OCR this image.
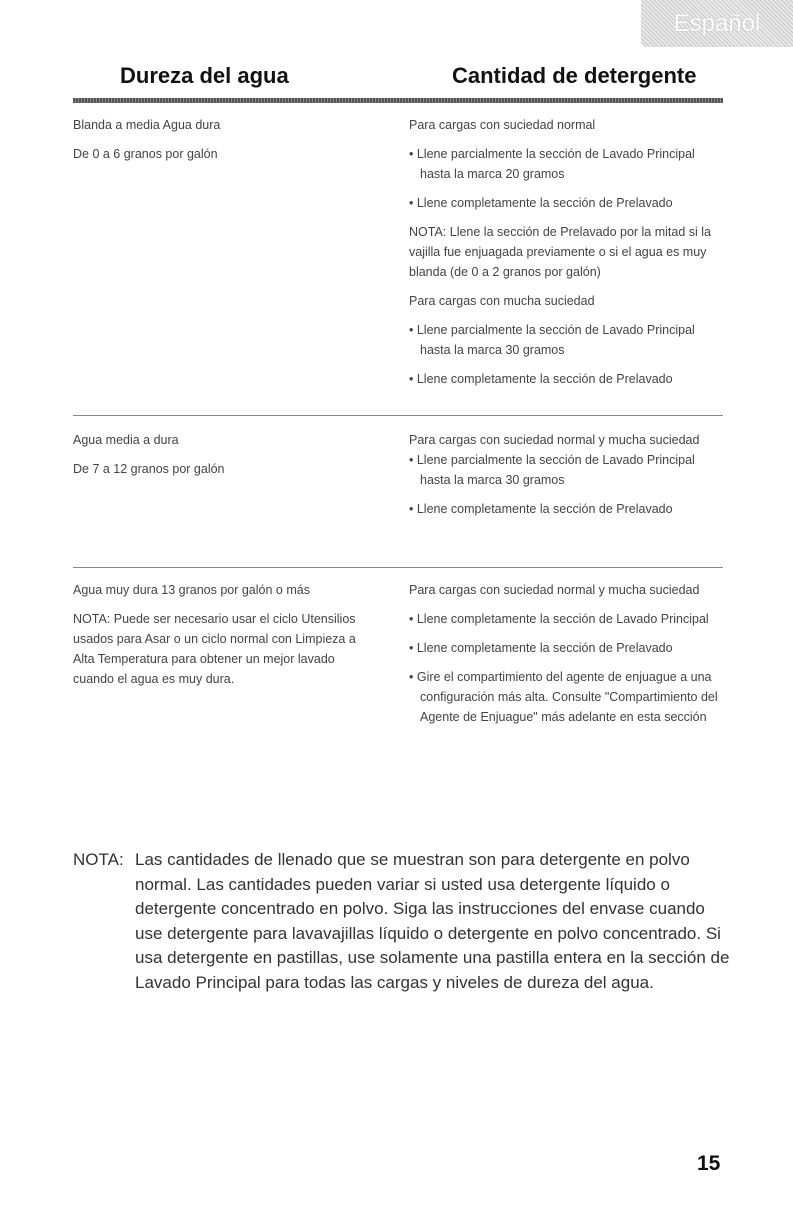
Español
Dureza del agua	Cantidad de detergente

Blanda a media Agua dura

De 0 a 6 granos por galón

Para cargas con suciedad normal

• Llene parcialmente la sección de Lavado Principal hasta la marca 20 gramos

• Llene completamente la sección de Prelavado

NOTA: Llene la sección de Prelavado por la mitad si la vajilla fue enjuagada previamente o si el agua es muy blanda (de 0 a 2 granos por galón)

Para cargas con mucha suciedad

• Llene parcialmente la sección de Lavado Principal hasta la marca 30 gramos

• Llene completamente la sección de Prelavado

Agua media a dura

De 7 a 12 granos por galón

Para cargas con suciedad normal y mucha suciedad

• Llene parcialmente la sección de Lavado Principal hasta la marca 30 gramos

• Llene completamente la sección de Prelavado

Agua muy dura 13 granos por galón o más

NOTA: Puede ser necesario usar el ciclo Utensilios usados para Asar o un ciclo normal con Limpieza a Alta Temperatura para obtener un mejor lavado cuando el agua es muy dura.

Para cargas con suciedad normal y mucha suciedad

• Llene completamente la sección de Lavado Principal

• Llene completamente la sección de Prelavado

• Gire el compartimiento del agente de enjuague a una configuración más alta. Consulte "Compartimiento del Agente de Enjuague" más adelante en esta sección

NOTA: Las cantidades de llenado que se muestran son para detergente en polvo normal. Las cantidades pueden variar si usted usa detergente líquido o detergente concentrado en polvo. Siga las instrucciones del envase cuando use detergente para lavavajillas líquido o detergente en polvo concentrado. Si usa detergente en pastillas, use solamente una pastilla entera en la sección de Lavado Principal para todas las cargas y niveles de dureza del agua.

15
